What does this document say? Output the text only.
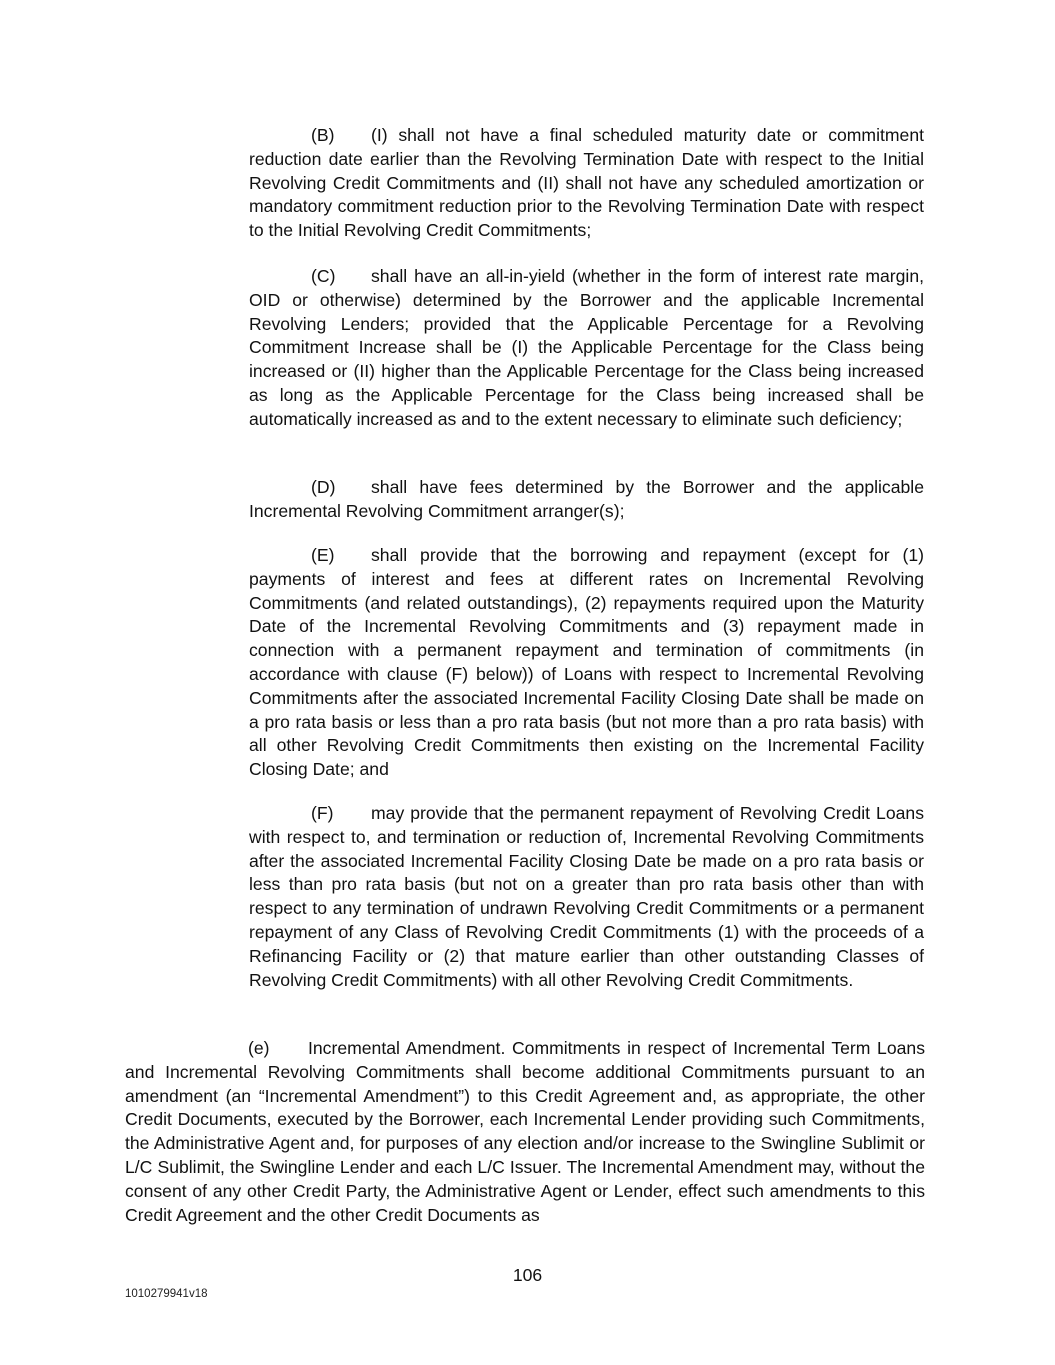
(B) (I) shall not have a final scheduled maturity date or commitment reduction date earlier than the Revolving Termination Date with respect to the Initial Revolving Credit Commitments and (II) shall not have any scheduled amortization or mandatory commitment reduction prior to the Revolving Termination Date with respect to the Initial Revolving Credit Commitments;

(C) shall have an all-in-yield (whether in the form of interest rate margin, OID or otherwise) determined by the Borrower and the applicable Incremental Revolving Lenders; provided that the Applicable Percentage for a Revolving Commitment Increase shall be (I) the Applicable Percentage for the Class being increased or (II) higher than the Applicable Percentage for the Class being increased as long as the Applicable Percentage for the Class being increased shall be automatically increased as and to the extent necessary to eliminate such deficiency;

(D) shall have fees determined by the Borrower and the applicable Incremental Revolving Commitment arranger(s);

(E) shall provide that the borrowing and repayment (except for (1) payments of interest and fees at different rates on Incremental Revolving Commitments (and related outstandings), (2) repayments required upon the Maturity Date of the Incremental Revolving Commitments and (3) repayment made in connection with a permanent repayment and termination of commitments (in accordance with clause (F) below)) of Loans with respect to Incremental Revolving Commitments after the associated Incremental Facility Closing Date shall be made on a pro rata basis or less than a pro rata basis (but not more than a pro rata basis) with all other Revolving Credit Commitments then existing on the Incremental Facility Closing Date; and

(F) may provide that the permanent repayment of Revolving Credit Loans with respect to, and termination or reduction of, Incremental Revolving Commitments after the associated Incremental Facility Closing Date be made on a pro rata basis or less than pro rata basis (but not on a greater than pro rata basis other than with respect to any termination of undrawn Revolving Credit Commitments or a permanent repayment of any Class of Revolving Credit Commitments (1) with the proceeds of a Refinancing Facility or (2) that mature earlier than other outstanding Classes of Revolving Credit Commitments) with all other Revolving Credit Commitments.

(e) Incremental Amendment. Commitments in respect of Incremental Term Loans and Incremental Revolving Commitments shall become additional Commitments pursuant to an amendment (an “Incremental Amendment”) to this Credit Agreement and, as appropriate, the other Credit Documents, executed by the Borrower, each Incremental Lender providing such Commitments, the Administrative Agent and, for purposes of any election and/or increase to the Swingline Sublimit or L/C Sublimit, the Swingline Lender and each L/C Issuer. The Incremental Amendment may, without the consent of any other Credit Party, the Administrative Agent or Lender, effect such amendments to this Credit Agreement and the other Credit Documents as

106

1010279941v18
